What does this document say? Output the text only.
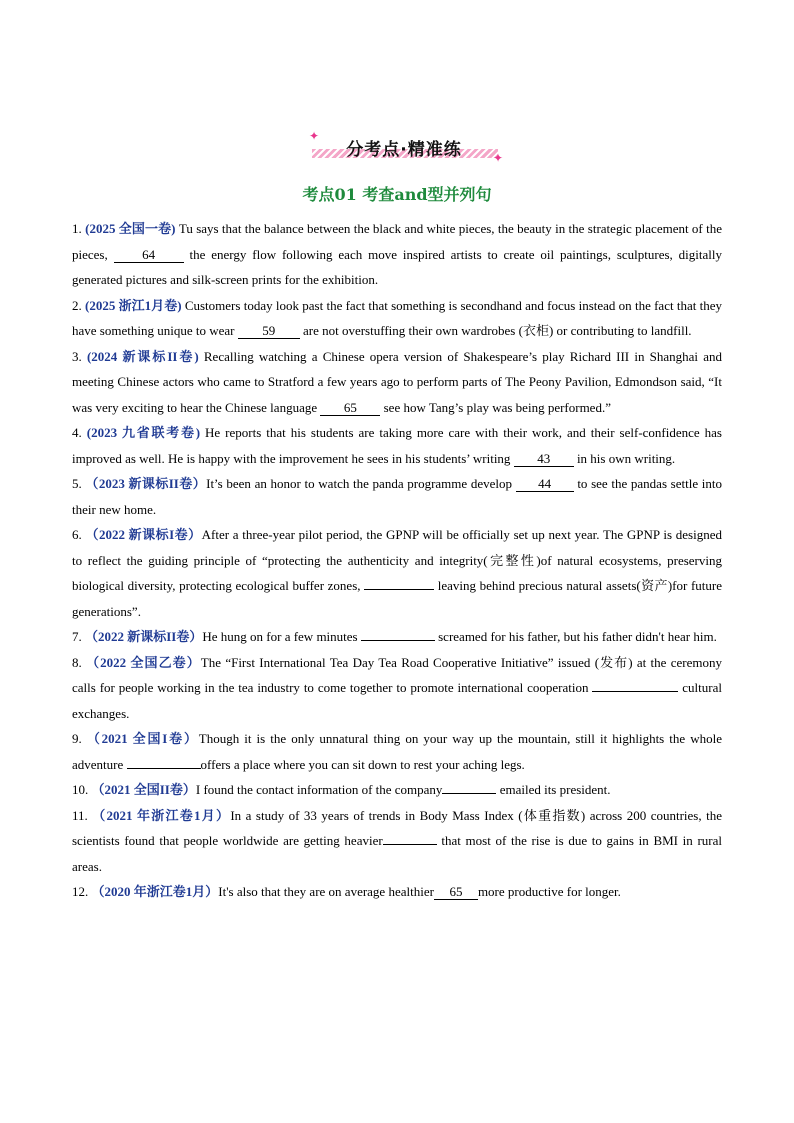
分考点·精准练
✦
✦
考点01 考查and型并列句
1. (2025 全国一卷) Tu says that the balance between the black and white pieces, the beauty in the strategic placement of the pieces, 64 the energy flow following each move inspired artists to create oil paintings, sculptures, digitally generated pictures and silk-screen prints for the exhibition.
2. (2025 浙江1月卷) Customers today look past the fact that something is secondhand and focus instead on the fact that they have something unique to wear 59 are not overstuffing their own wardrobes (衣柜) or contributing to landfill.
3. (2024 新课标II卷) Recalling watching a Chinese opera version of Shakespeare’s play Richard III in Shanghai and meeting Chinese actors who came to Stratford a few years ago to perform parts of The Peony Pavilion, Edmondson said, “It was very exciting to hear the Chinese language 65 see how Tang’s play was being performed.”
4. (2023 九省联考卷) He reports that his students are taking more care with their work, and their self-confidence has improved as well. He is happy with the improvement he sees in his students’ writing 43 in his own writing.
5. （2023 新课标II卷）It’s been an honor to watch the panda programme develop 44 to see the pandas settle into their new home.
6. （2022 新课标I卷）After a three-year pilot period, the GPNP will be officially set up next year. The GPNP is designed to reflect the guiding principle of “protecting the authenticity and integrity(完整性)of natural ecosystems, preserving biological diversity, protecting ecological buffer zones,	leaving behind precious natural assets(资产)for future generations”.
7. （2022 新课标II卷）He hung on for a few minutes	screamed for his father, but his father didn't hear him.
8. （2022 全国乙卷）The “First International Tea Day Tea Road Cooperative Initiative” issued (发布) at the ceremony calls for people working in the tea industry to come together to promote international cooperation	cultural exchanges.
9. （2021 全国I卷）Though it is the only unnatural thing on your way up the mountain, still it highlights the whole adventure	offers a place where you can sit down to rest your aching legs.
10. （2021 全国II卷）I found the contact information of the company	emailed its president.
11. （2021 年浙江卷1月）In a study of 33 years of trends in Body Mass Index (体重指数) across 200 countries, the scientists found that people worldwide are getting heavier	that most of the rise is due to gains in BMI in rural areas.
12. （2020 年浙江卷1月）It's also that they are on average healthier 65 more productive for longer.
